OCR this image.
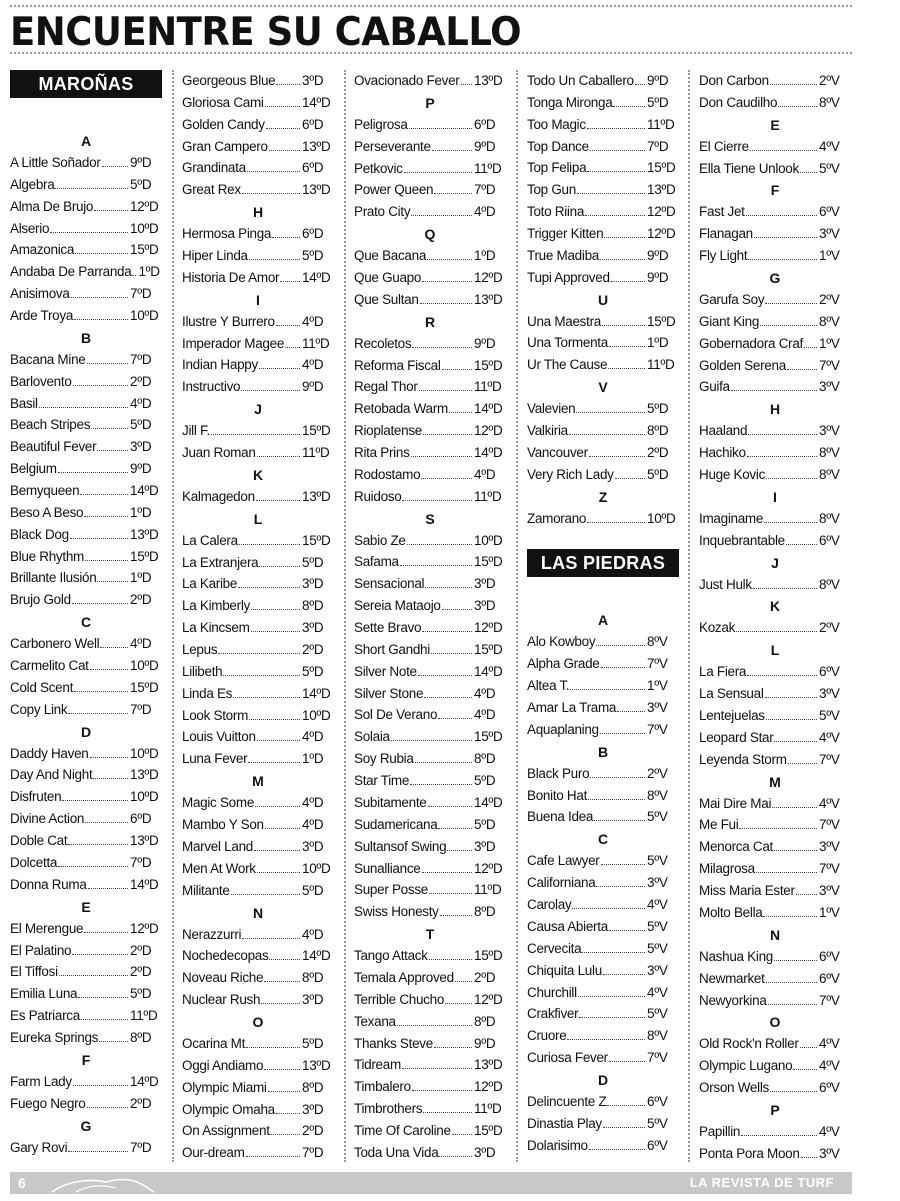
ENCUENTRE SU CABALLO
MAROÑAS
A
A Little Soñador 9ºD
Algebra	5ºD
Alma De Brujo	12ºD
Alserio	10ºD
Amazonica	15ºD
Andaba De Parranda 1ºD
Anisimova	7ºD
Arde Troya	10ºD
B
Bacana Mine	7ºD
Barlovento	2ºD
Basil	4ºD
Beach Stripes	5ºD
Beautiful Fever 3ºD
Belgium	9ºD
Bemyqueen	14ºD
Beso A Beso	1ºD
Black Dog	13ºD
Blue Rhythm	15ºD
Brillante Ilusión 1ºD
Brujo Gold	2ºD
C
Carbonero Well 4ºD
Carmelito Cat	10ºD
Cold Scent	15ºD
Copy Link	7ºD
D
Daddy Haven	10ºD
Day And Night	13ºD
Disfruten	10ºD
Divine Action	6ºD
Doble Cat	13ºD
Dolcetta	7ºD
Donna Ruma	14ºD
E
El Merengue	12ºD
El Palatino	2ºD
El Tiffosi	2ºD
Emilia Luna	5ºD
Es Patriarca	11ºD
Eureka Springs 8ºD
F
Farm Lady	14ºD
Fuego Negro	2ºD
G
Gary Rovi	7ºD
Georgeous Blue 3ºD
Gloriosa Cami	14ºD
Golden Candy	6ºD
Gran Campero	13ºD
Grandinata	6ºD
Great Rex	13ºD
H
Hermosa Pinga 6ºD
Hiper Linda	5ºD
Historia De Amor 14ºD
I
Ilustre Y Burrero 4ºD
Imperador Magee 11ºD
Indian Happy	4ºD
Instructivo	9ºD
J
Jill F.	15ºD
Juan Roman	11ºD
K
Kalmagedon	13ºD
L
La Calera	15ºD
La Extranjera	5ºD
La Karibe	3ºD
La Kimberly	8ºD
La Kincsem	3ºD
Lepus	2ºD
Lilibeth	5ºD
Linda Es	14ºD
Look Storm	10ºD
Louis Vuitton	4ºD
Luna Fever	1ºD
M
Magic Some	4ºD
Mambo Y Son	4ºD
Marvel Land	3ºD
Men At Work	10ºD
Militante	5ºD
N
Nerazzurri	4ºD
Nochedecopas 14ºD
Noveau Riche	8ºD
Nuclear Rush	3ºD
O
Ocarina Mt	5ºD
Oggi Andiamo	13ºD
Olympic Miami	8ºD
Olympic Omaha 3ºD
On Assignment 2ºD
Our-dream	7ºD
Ovacionado Fever 13ºD
P
Peligrosa	6ºD
Perseverante	9ºD
Petkovic	11ºD
Power Queen	7ºD
Prato City	4ºD
Q
Que Bacana	1ºD
Que Guapo	12ºD
Que Sultan	13ºD
R
Recoletos	9ºD
Reforma Fiscal 15ºD
Regal Thor	11ºD
Retobada Warm 14ºD
Rioplatense	12ºD
Rita Prins	14ºD
Rodostamo	4ºD
Ruidoso	11ºD
S
Sabio Ze	10ºD
Safama	15ºD
Sensacional	3ºD
Sereia Mataojo 3ºD
Sette Bravo	12ºD
Short Gandhi	15ºD
Silver Note	14ºD
Silver Stone	4ºD
Sol De Verano	4ºD
Solaia	15ºD
Soy Rubia	8ºD
Star Time	5ºD
Subitamente	14ºD
Sudamericana	5ºD
Sultansof Swing 3ºD
Sunalliance	12ºD
Super Posse	11ºD
Swiss Honesty	8ºD
T
Tango Attack	15ºD
Temala Approved 2ºD
Terrible Chucho 12ºD
Texana	8ºD
Thanks Steve	9ºD
Tidream	13ºD
Timbalero	12ºD
Timbrothers	11ºD
Time Of Caroline 15ºD
Toda Una Vida	3ºD
Todo Un Caballero 9ºD
Tonga Mironga	5ºD
Too Magic	11ºD
Top Dance	7ºD
Top Felipa	15ºD
Top Gun	13ºD
Toto Riina	12ºD
Trigger Kitten	12ºD
True Madiba	9ºD
Tupi Approved	9ºD
U
Una Maestra	15ºD
Una Tormenta	1ºD
Ur The Cause	11ºD
V
Valevien	5ºD
Valkiria	8ºD
Vancouver	2ºD
Very Rich Lady 5ºD
Z
Zamorano	10ºD
LAS PIEDRAS
A
Alo Kowboy	8ºV
Alpha Grade	7ºV
Altea T.	1ºV
Amar La Trama 3ºV
Aquaplaning	7ºV
B
Black Puro	2ºV
Bonito Hat	8ºV
Buena Idea	5ºV
C
Cafe Lawyer	5ºV
Californiana	3ºV
Carolay	4ºV
Causa Abierta	5ºV
Cervecita	5ºV
Chiquita Lulu	3ºV
Churchill	4ºV
Crakfiver	5ºV
Cruore	8ºV
Curiosa Fever	7ºV
D
Delincuente Z	6ºV
Dinastia Play	5ºV
Dolarisimo	6ºV
Don Carbon	2ºV
Don Caudilho	8ºV
E
El Cierre	4ºV
Ella Tiene Unlook 5ºV
F
Fast Jet	6ºV
Flanagan	3ºV
Fly Light	1ºV
G
Garufa Soy	2ºV
Giant King	8ºV
Gobernadora Craf 1ºV
Golden Serena 7ºV
Guifa	3ºV
H
Haaland	3ºV
Hachiko	8ºV
Huge Kovic	8ºV
I
Imaginame	8ºV
Inquebrantable	6ºV
J
Just Hulk	8ºV
K
Kozak	2ºV
L
La Fiera	6ºV
La Sensual	3ºV
Lentejuelas	5ºV
Leopard Star	4ºV
Leyenda Storm 7ºV
M
Mai Dire Mai	4ºV
Me Fui	7ºV
Menorca Cat	3ºV
Milagrosa	7ºV
Miss Maria Ester 3ºV
Molto Bella	1ºV
N
Nashua King	6ºV
Newmarket	6ºV
Newyorkina	7ºV
O
Old Rock'n Roller 4ºV
Olympic Lugano 4ºV
Orson Wells	6ºV
P
Papillin	4ºV
Ponta Pora Moon 3ºV
6	LA REVISTA DE TURF
